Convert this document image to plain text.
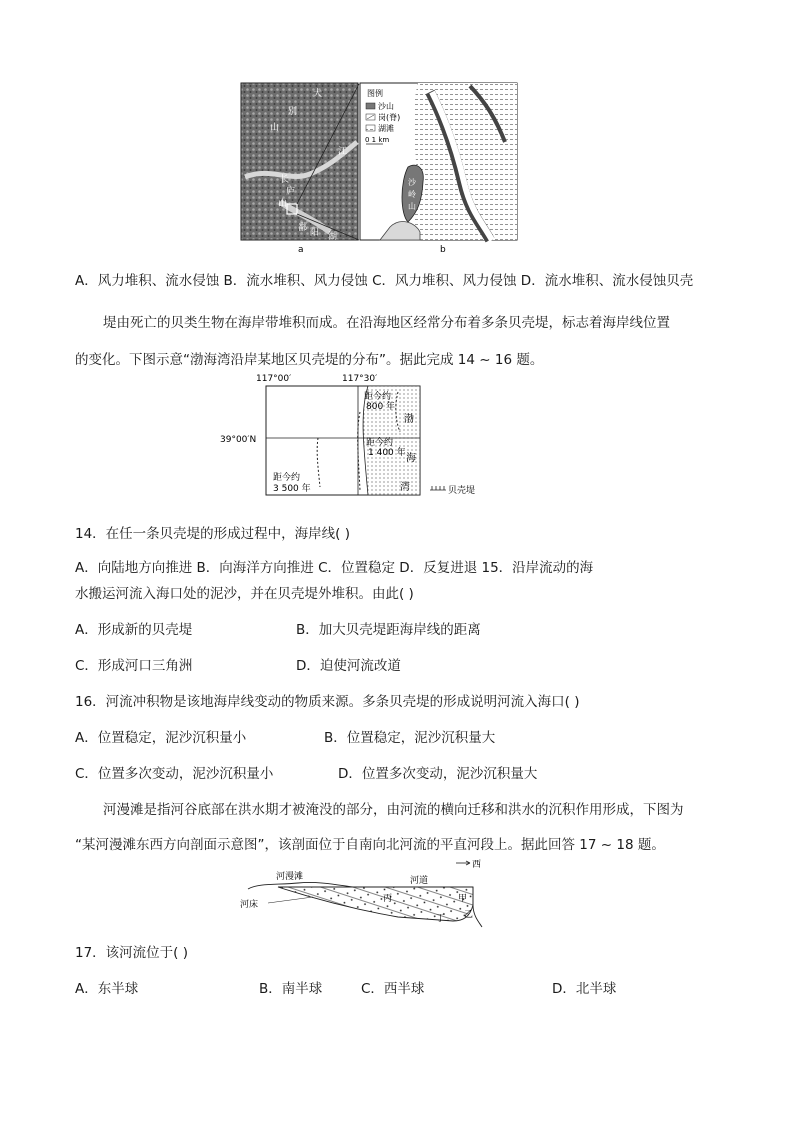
大
别
山
江
长
庐
山
鄱 阳 湖
a
图例
沙山
岗(脊)
湖滩
0 1 km
沙
岭
山
b
A．风力堆积、流水侵蚀 B．流水堆积、风力侵蚀 C．风力堆积、风力侵蚀 D．流水堆积、流水侵蚀贝壳
堤由死亡的贝类生物在海岸带堆积而成。在沿海地区经常分布着多条贝壳堤，标志着海岸线位置
的变化。下图示意“渤海湾沿岸某地区贝壳堤的分布”。据此完成 14 ~ 16 题。
117°00′	117°30′
39°00′N
距今约
800 年
距今约
1 400 年
距今约
3 500 年
渤
海
湾	贝壳堤
14．在任一条贝壳堤的形成过程中，海岸线( )
A．向陆地方向推进 B．向海洋方向推进 C．位置稳定 D．反复进退 15．沿岸流动的海
水搬运河流入海口处的泥沙，并在贝壳堤外堆积。由此( )
A．形成新的贝壳堤	B．加大贝壳堤距海岸线的距离
C．形成河口三角洲	D．迫使河流改道
16．河流冲积物是该地海岸线变动的物质来源。多条贝壳堤的形成说明河流入海口( )
A．位置稳定，泥沙沉积量小	B．位置稳定，泥沙沉积量大
C．位置多次变动，泥沙沉积量小	D．位置多次变动，泥沙沉积量大
河漫滩是指河谷底部在洪水期才被淹没的部分，由河流的横向迁移和洪水的沉积作用形成，下图为
“某河漫滩东西方向剖面示意图”，该剖面位于自南向北河流的平直河段上。据此回答 17 ~ 18 题。
西
河漫滩	河道
河床
丙	甲
丁 乙
17．该河流位于( )
A．东半球	B．南半球	C．西半球	D．北半球
